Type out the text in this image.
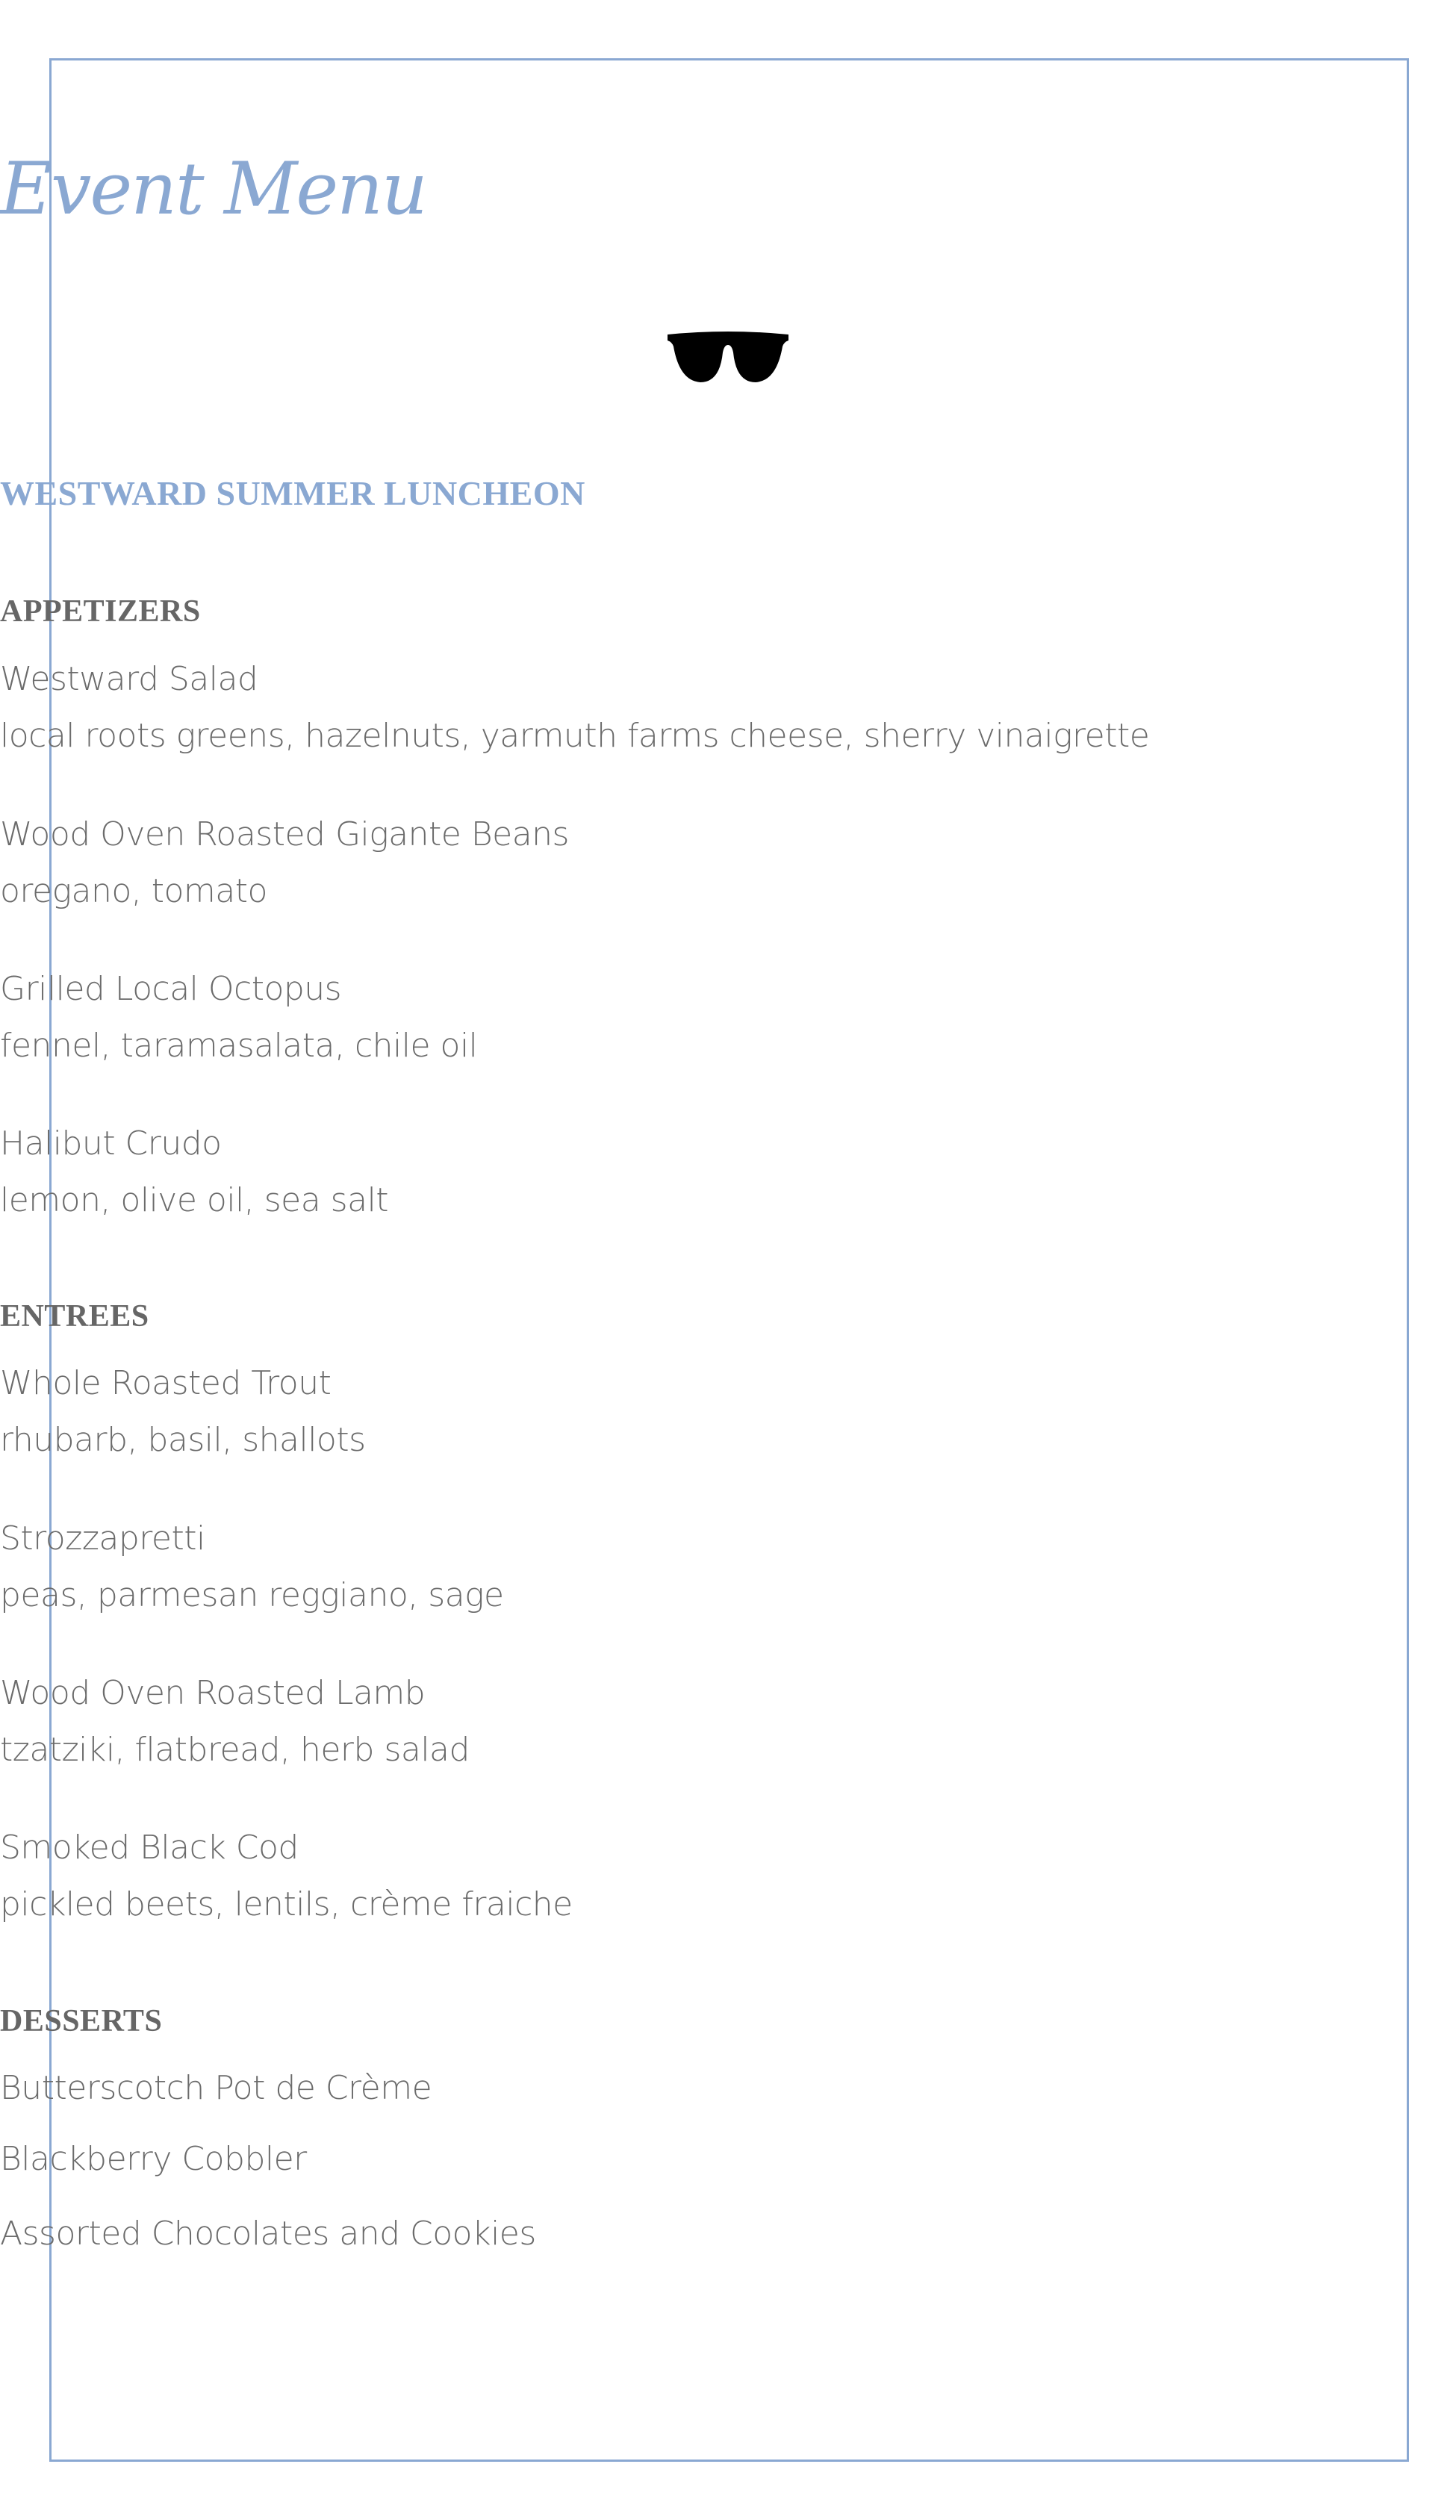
Event Menu
WESTWARD SUMMER LUNCHEON
APPETIZERS
Westward Salad
local roots greens, hazelnuts, yarmuth farms cheese, sherry vinaigrette
Wood Oven Roasted Gigante Beans
oregano, tomato
Grilled Local Octopus
fennel, taramasalata, chile oil
Halibut Crudo
lemon, olive oil, sea salt
ENTREES
Whole Roasted Trout
rhubarb, basil, shallots
Strozzapretti
peas, parmesan reggiano, sage
Wood Oven Roasted Lamb
tzatziki, flatbread, herb salad
Smoked Black Cod
pickled beets, lentils, crème fraiche
DESSERTS
Butterscotch Pot de Crème
Blackberry Cobbler
Assorted Chocolates and Cookies
